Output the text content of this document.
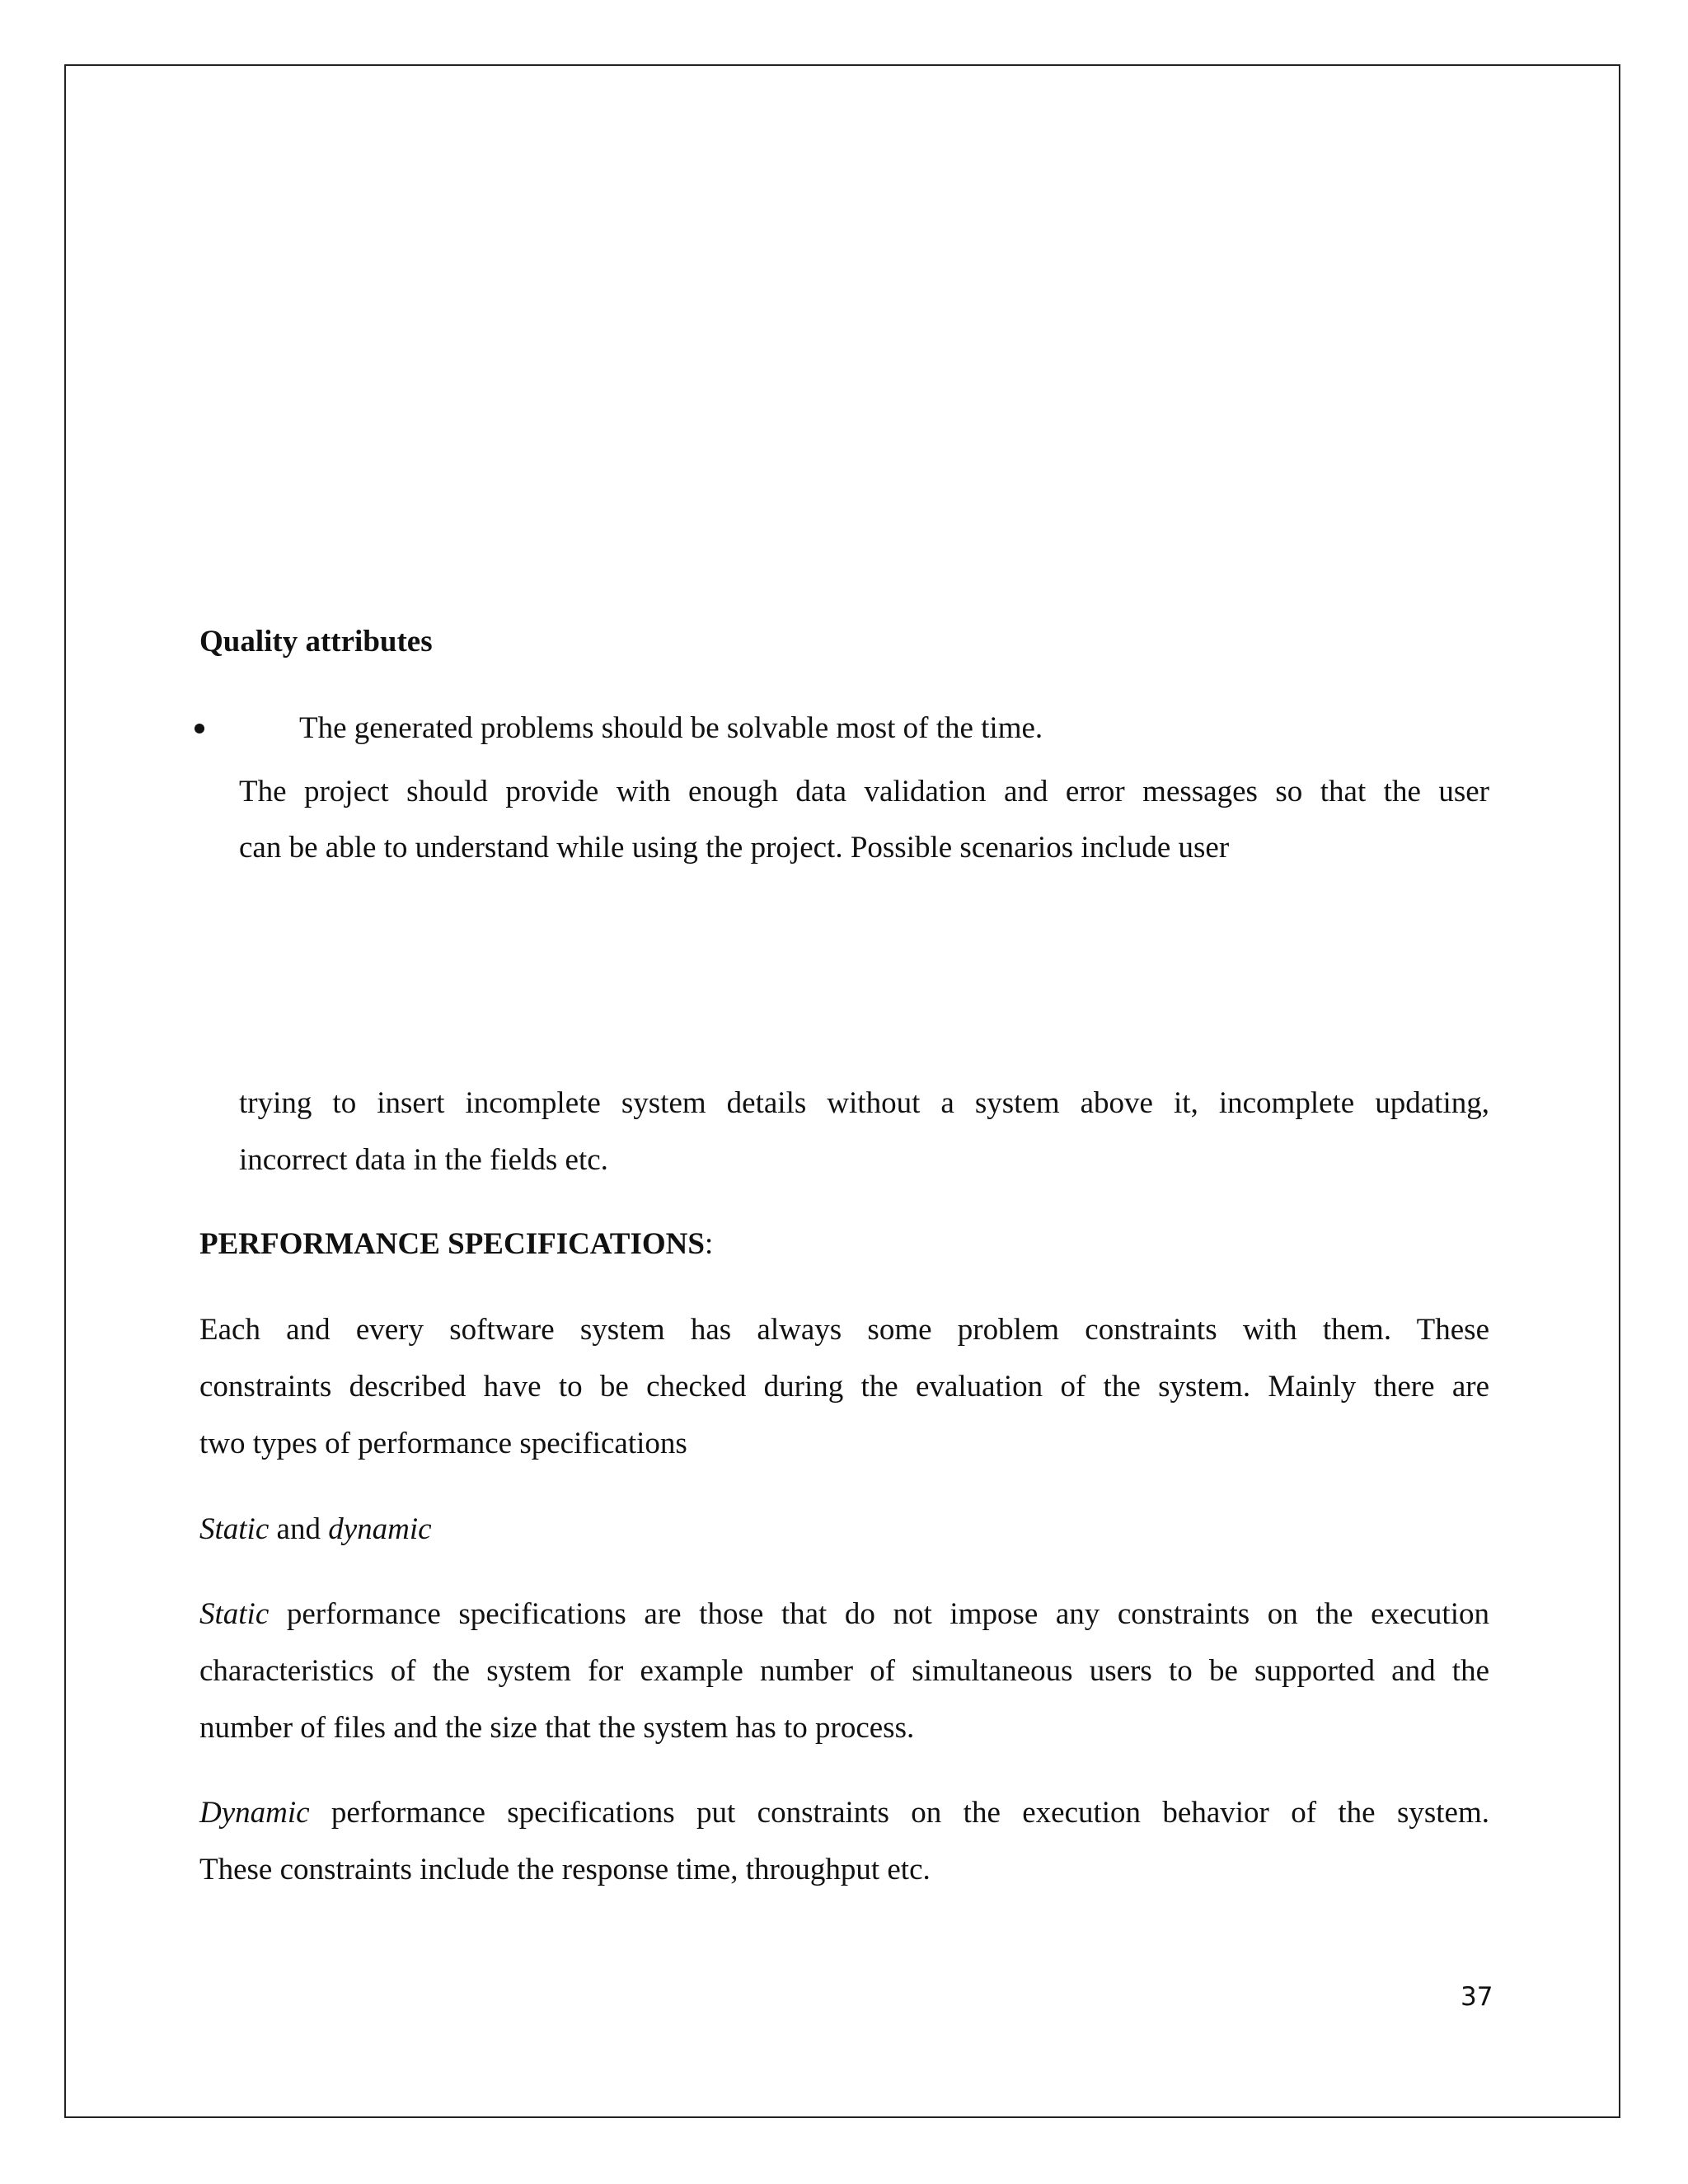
Quality attributes

The generated problems should be solvable most of the time.

The project should provide with enough data validation and error messages so that the user

can be able to understand while using the project. Possible scenarios include user

trying to insert incomplete system details without a system above it, incomplete updating,

incorrect data in the fields etc.

PERFORMANCE SPECIFICATIONS:

Each and every software system has always some problem constraints with them. These

constraints described have to be checked during the evaluation of the system. Mainly there are

two types of performance specifications

Static and dynamic

Static performance specifications are those that do not impose any constraints on the execution

characteristics of the system for example number of simultaneous users to be supported and the

number of files and the size that the system has to process.

Dynamic performance specifications put constraints on the execution behavior of the system.

These constraints include the response time, throughput etc.

37
